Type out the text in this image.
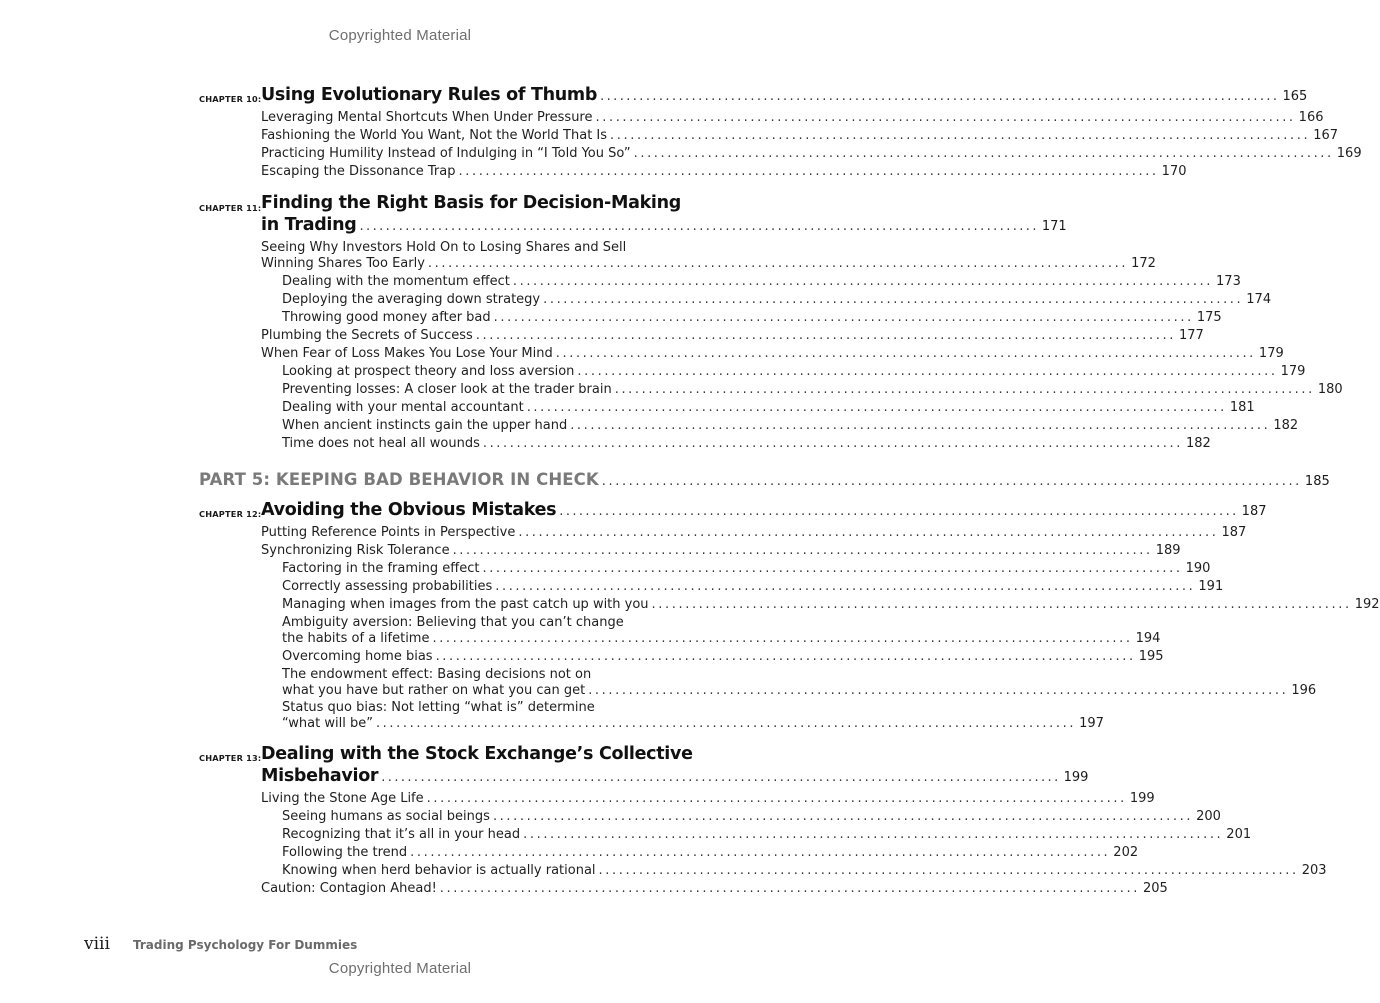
Copyrighted Material
CHAPTER 10: Using Evolutionary Rules of Thumb ........................................................................................................ 165
Leveraging Mental Shortcuts When Under Pressure ........................................................................................................ 166
Fashioning the World You Want, Not the World That Is ........................................................................................................ 167
Practicing Humility Instead of Indulging in “I Told You So” ........................................................................................................ 169
Escaping the Dissonance Trap ........................................................................................................ 170
CHAPTER 11: Finding the Right Basis for Decision-Making
in Trading ........................................................................................................ 171
Seeing Why Investors Hold On to Losing Shares and Sell
Winning Shares Too Early ........................................................................................................ 172
Dealing with the momentum effect ........................................................................................................ 173
Deploying the averaging down strategy ........................................................................................................ 174
Throwing good money after bad ........................................................................................................ 175
Plumbing the Secrets of Success ........................................................................................................ 177
When Fear of Loss Makes You Lose Your Mind ........................................................................................................ 179
Looking at prospect theory and loss aversion ........................................................................................................ 179
Preventing losses: A closer look at the trader brain ........................................................................................................ 180
Dealing with your mental accountant ........................................................................................................ 181
When ancient instincts gain the upper hand ........................................................................................................ 182
Time does not heal all wounds ........................................................................................................ 182
PART 5: KEEPING BAD BEHAVIOR IN CHECK ........................................................................................................ 185
CHAPTER 12: Avoiding the Obvious Mistakes ........................................................................................................ 187
Putting Reference Points in Perspective ........................................................................................................ 187
Synchronizing Risk Tolerance ........................................................................................................ 189
Factoring in the framing effect ........................................................................................................ 190
Correctly assessing probabilities ........................................................................................................ 191
Managing when images from the past catch up with you ........................................................................................................ 192
Ambiguity aversion: Believing that you can’t change
the habits of a lifetime ........................................................................................................ 194
Overcoming home bias ........................................................................................................ 195
The endowment effect: Basing decisions not on
what you have but rather on what you can get ........................................................................................................ 196
Status quo bias: Not letting “what is” determine
“what will be” ........................................................................................................ 197
CHAPTER 13: Dealing with the Stock Exchange’s Collective
Misbehavior ........................................................................................................ 199
Living the Stone Age Life ........................................................................................................ 199
Seeing humans as social beings ........................................................................................................ 200
Recognizing that it’s all in your head ........................................................................................................ 201
Following the trend ........................................................................................................ 202
Knowing when herd behavior is actually rational ........................................................................................................ 203
Caution: Contagion Ahead! ........................................................................................................ 205
viii Trading Psychology For Dummies
Copyrighted Material
